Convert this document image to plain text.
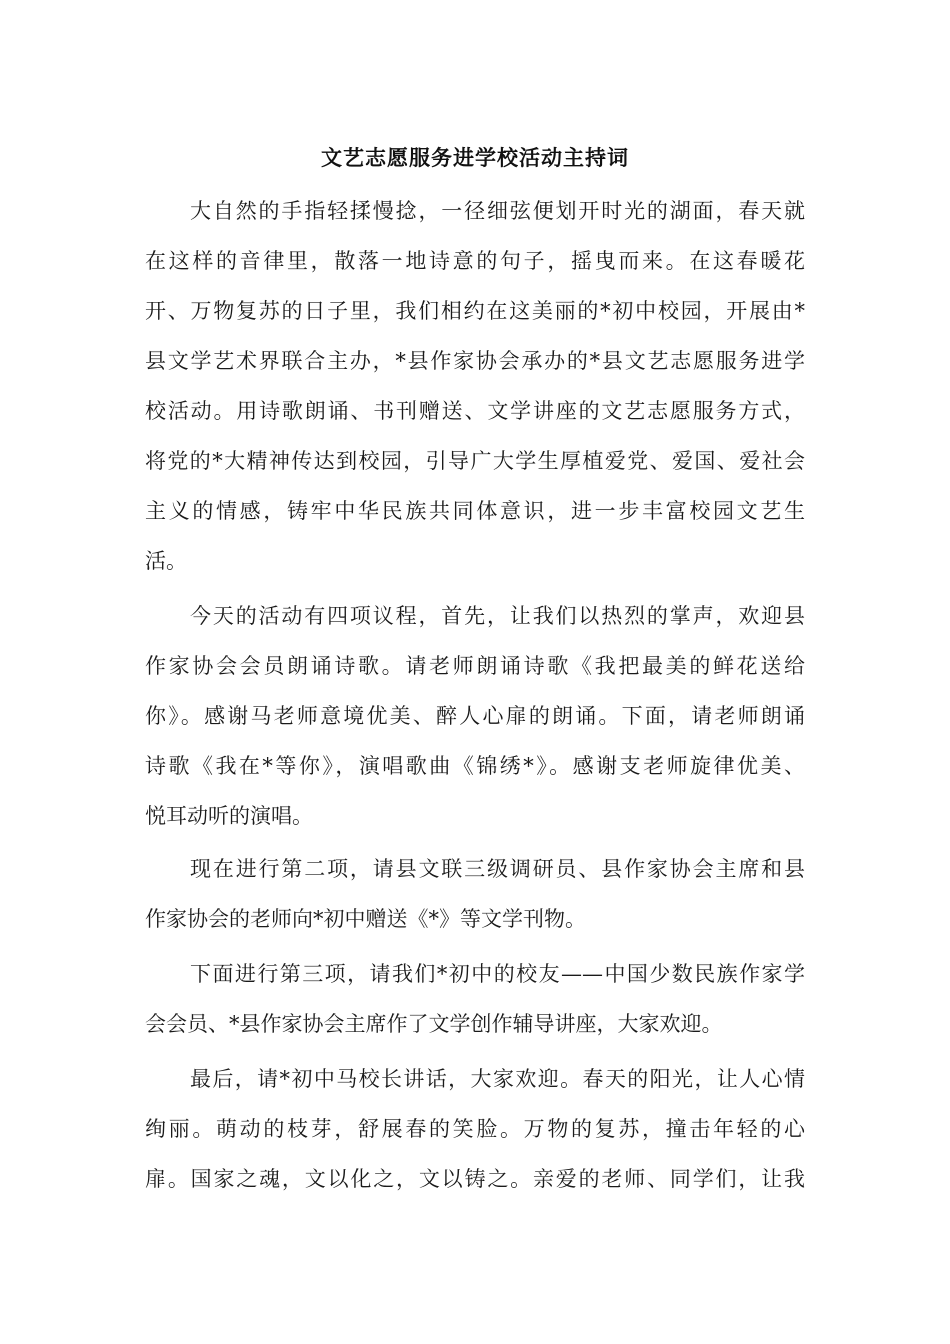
文艺志愿服务进学校活动主持词
大自然的手指轻揉慢捻，一径细弦便划开时光的湖面，春天就
在这样的音律里，散落一地诗意的句子，摇曳而来。在这春暖花
开、万物复苏的日子里，我们相约在这美丽的*初中校园，开展由*
县文学艺术界联合主办，*县作家协会承办的*县文艺志愿服务进学
校活动。用诗歌朗诵、书刊赠送、文学讲座的文艺志愿服务方式，
将党的*大精神传达到校园，引导广大学生厚植爱党、爱国、爱社会
主义的情感，铸牢中华民族共同体意识，进一步丰富校园文艺生
活。
今天的活动有四项议程，首先，让我们以热烈的掌声，欢迎县
作家协会会员朗诵诗歌。请老师朗诵诗歌《我把最美的鲜花送给
你》。感谢马老师意境优美、醉人心扉的朗诵。下面，请老师朗诵
诗歌《我在*等你》，演唱歌曲《锦绣*》。感谢支老师旋律优美、
悦耳动听的演唱。
现在进行第二项，请县文联三级调研员、县作家协会主席和县
作家协会的老师向*初中赠送《*》等文学刊物。
下面进行第三项，请我们*初中的校友——中国少数民族作家学
会会员、*县作家协会主席作了文学创作辅导讲座，大家欢迎。
最后，请*初中马校长讲话，大家欢迎。春天的阳光，让人心情
绚丽。萌动的枝芽，舒展春的笑脸。万物的复苏，撞击年轻的心
扉。国家之魂，文以化之，文以铸之。亲爱的老师、同学们，让我
